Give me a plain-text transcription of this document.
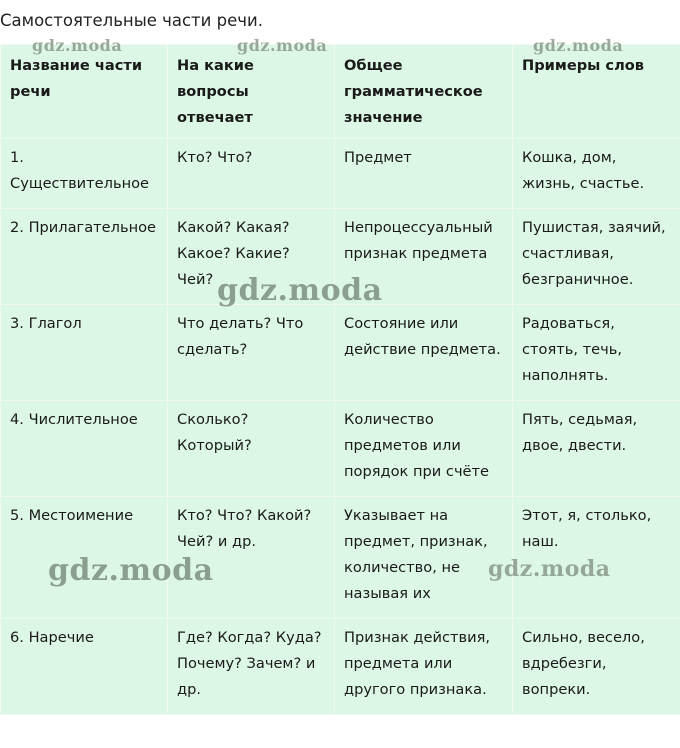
Самостоятельные части речи.
Название части речи	На какие вопросы отвечает	Общее грамматическое значение	Примеры слов
1. Существительное	Кто? Что?	Предмет	Кошка, дом, жизнь, счастье.
2. Прилагательное	Какой? Какая? Какое? Какие? Чей?	Непроцессуальный признак предмета	Пушистая, заячий, счастливая, безграничное.
3. Глагол	Что делать? Что сделать?	Состояние или действие предмета.	Радоваться, стоять, течь, наполнять.
4. Числительное	Сколько? Который?	Количество предметов или порядок при счёте	Пять, седьмая, двое, двести.
5. Местоимение	Кто? Что? Какой? Чей? и др.	Указывает на предмет, признак, количество, не называя их	Этот, я, столько, наш.
6. Наречие	Где? Когда? Куда? Почему? Зачем? и др.	Признак действия, предмета или другого признака.	Сильно, весело, вдребезги, вопреки.
gdz.moda	gdz.moda	gdz.moda
gdz.moda
gdz.moda	gdz.moda
